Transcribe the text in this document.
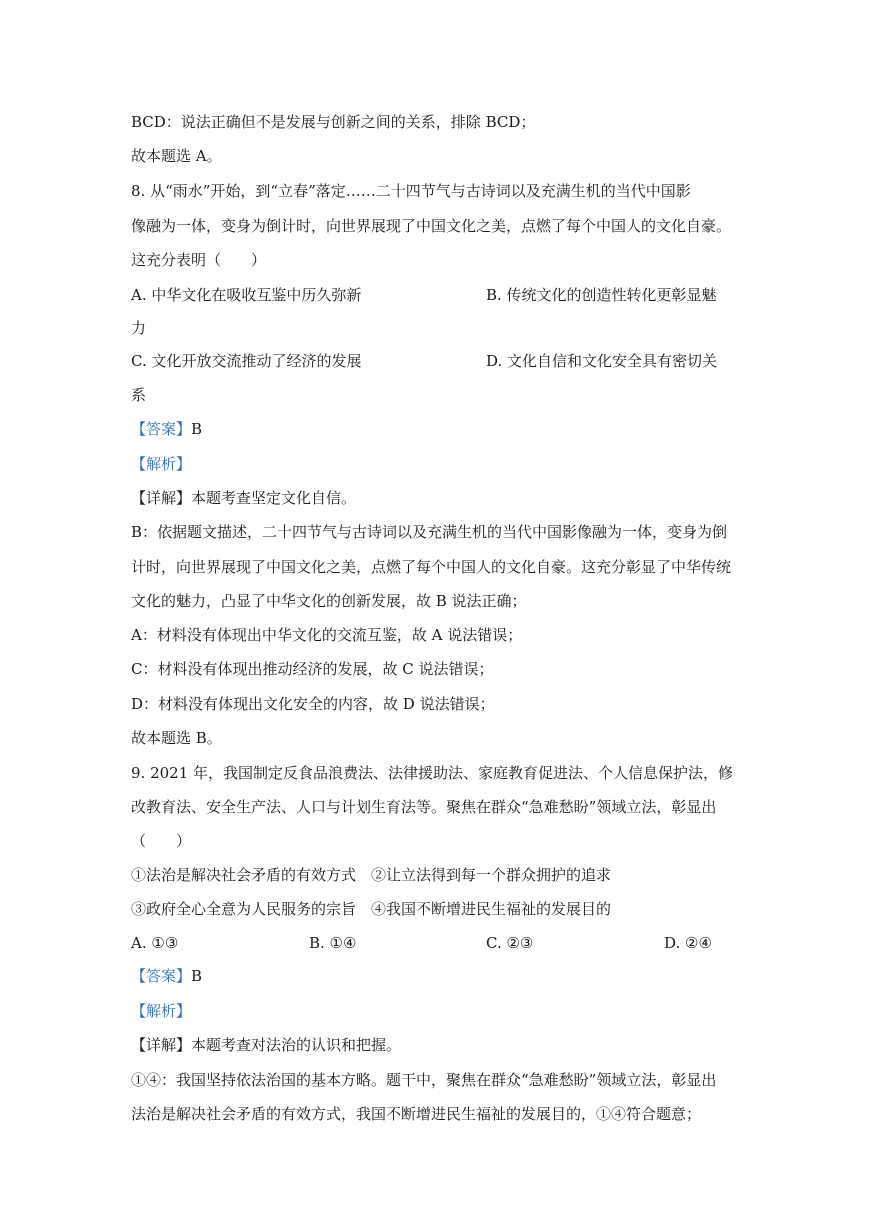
BCD：说法正确但不是发展与创新之间的关系，排除 BCD；
故本题选 A。
8. 从“雨水”开始，到“立春”落定……二十四节气与古诗词以及充满生机的当代中国影
像融为一体，变身为倒计时，向世界展现了中国文化之美，点燃了每个中国人的文化自豪。
这充分表明（　　）
A. 中华文化在吸收互鉴中历久弥新	B. 传统文化的创造性转化更彰显魅
力
C. 文化开放交流推动了经济的发展	D. 文化自信和文化安全具有密切关
系
【答案】B
【解析】
【详解】本题考查坚定文化自信。
B：依据题文描述，二十四节气与古诗词以及充满生机的当代中国影像融为一体，变身为倒
计时，向世界展现了中国文化之美，点燃了每个中国人的文化自豪。这充分彰显了中华传统
文化的魅力，凸显了中华文化的创新发展，故 B 说法正确；
A：材料没有体现出中华文化的交流互鉴，故 A 说法错误；
C：材料没有体现出推动经济的发展，故 C 说法错误；
D：材料没有体现出文化安全的内容，故 D 说法错误；
故本题选 B。
9. 2021 年，我国制定反食品浪费法、法律援助法、家庭教育促进法、个人信息保护法，修
改教育法、安全生产法、人口与计划生育法等。聚焦在群众“急难愁盼”领域立法，彰显出
（　　）
①法治是解决社会矛盾的有效方式　②让立法得到每一个群众拥护的追求
③政府全心全意为人民服务的宗旨　④我国不断增进民生福祉的发展目的
A. ①③	B. ①④	C. ②③	D. ②④
【答案】B
【解析】
【详解】本题考查对法治的认识和把握。
①④：我国坚持依法治国的基本方略。题干中，聚焦在群众“急难愁盼”领域立法，彰显出
法治是解决社会矛盾的有效方式，我国不断增进民生福祉的发展目的，①④符合题意；
